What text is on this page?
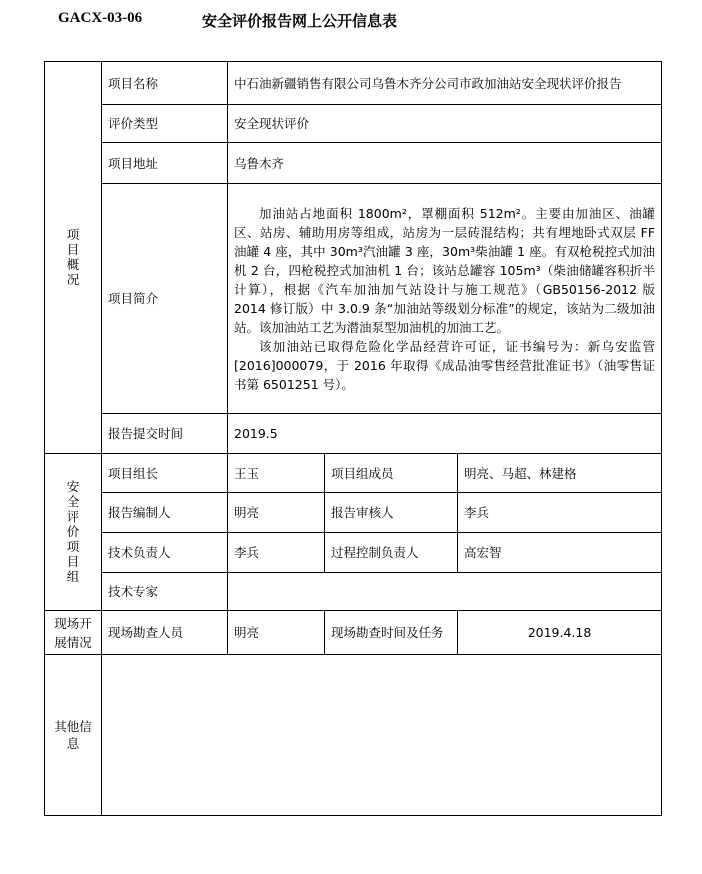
GACX-03-06	安全评价报告网上公开信息表
项目概况	项目名称	中石油新疆销售有限公司乌鲁木齐分公司市政加油站安全现状评价报告		
	评价类型	安全现状评价		
	项目地址	乌鲁木齐		
	项目简介	加油站占地面积 1800m²，罩棚面积 512m²。主要由加油区、油罐区、站房、辅助用房等组成，站房为一层砖混结构；共有埋地卧式双层 FF 油罐 4 座，其中 30m³汽油罐 3 座，30m³柴油罐 1 座。有双枪税控式加油机 2 台，四枪税控式加油机 1 台；该站总罐容 105m³（柴油储罐容积折半计算），根据《汽车加油加气站设计与施工规范》（GB50156-2012 版 2014 修订版）中 3.0.9 条“加油站等级划分标准”的规定，该站为二级加油站。该加油站工艺为潜油泵型加油机的加油工艺。

该加油站已取得危险化学品经营许可证，证书编号为：新乌安监管[2016]000079，于 2016 年取得《成品油零售经营批准证书》（油零售证书第 6501251 号）。		

	报告提交时间	2019.5		

安全评价项目组	项目组长	王玉	项目组成员	明亮、马超、林建格
	报告编制人	明亮	报告审核人	李兵
	技术负责人	李兵	过程控制负责人	高宏智
	技术专家			
现场开展情况	现场勘查人员	明亮	现场勘查时间及任务	2019.4.18
其他信息				
